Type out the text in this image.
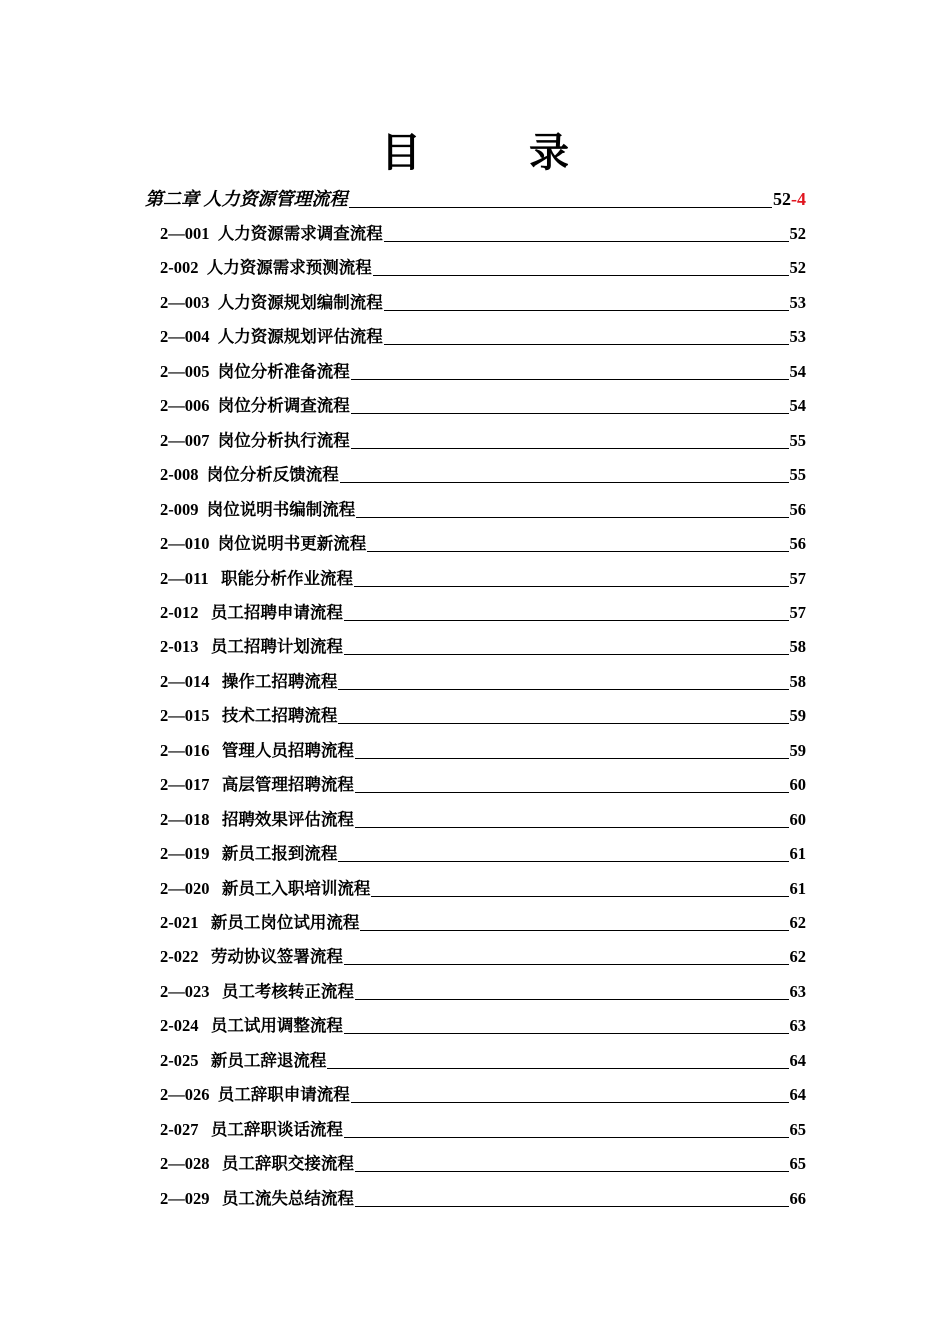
目　录
第二章 人力资源管理流程	52-4
2—001 人力资源需求调查流程	52
2-002 人力资源需求预测流程	52
2—003 人力资源规划编制流程	53
2—004 人力资源规划评估流程	53
2—005 岗位分析准备流程	54
2—006 岗位分析调查流程	54
2—007 岗位分析执行流程	55
2-008 岗位分析反馈流程	55
2-009 岗位说明书编制流程	56
2—010 岗位说明书更新流程	56
2—011 职能分析作业流程	57
2-012 员工招聘申请流程	57
2-013 员工招聘计划流程	58
2—014 操作工招聘流程	58
2—015 技术工招聘流程	59
2—016 管理人员招聘流程	59
2—017 高层管理招聘流程	60
2—018 招聘效果评估流程	60
2—019 新员工报到流程	61
2—020 新员工入职培训流程	61
2-021 新员工岗位试用流程	62
2-022 劳动协议签署流程	62
2—023 员工考核转正流程	63
2-024 员工试用调整流程	63
2-025 新员工辞退流程	64
2—026 员工辞职申请流程	64
2-027 员工辞职谈话流程	65
2—028 员工辞职交接流程	65
2—029 员工流失总结流程	66
